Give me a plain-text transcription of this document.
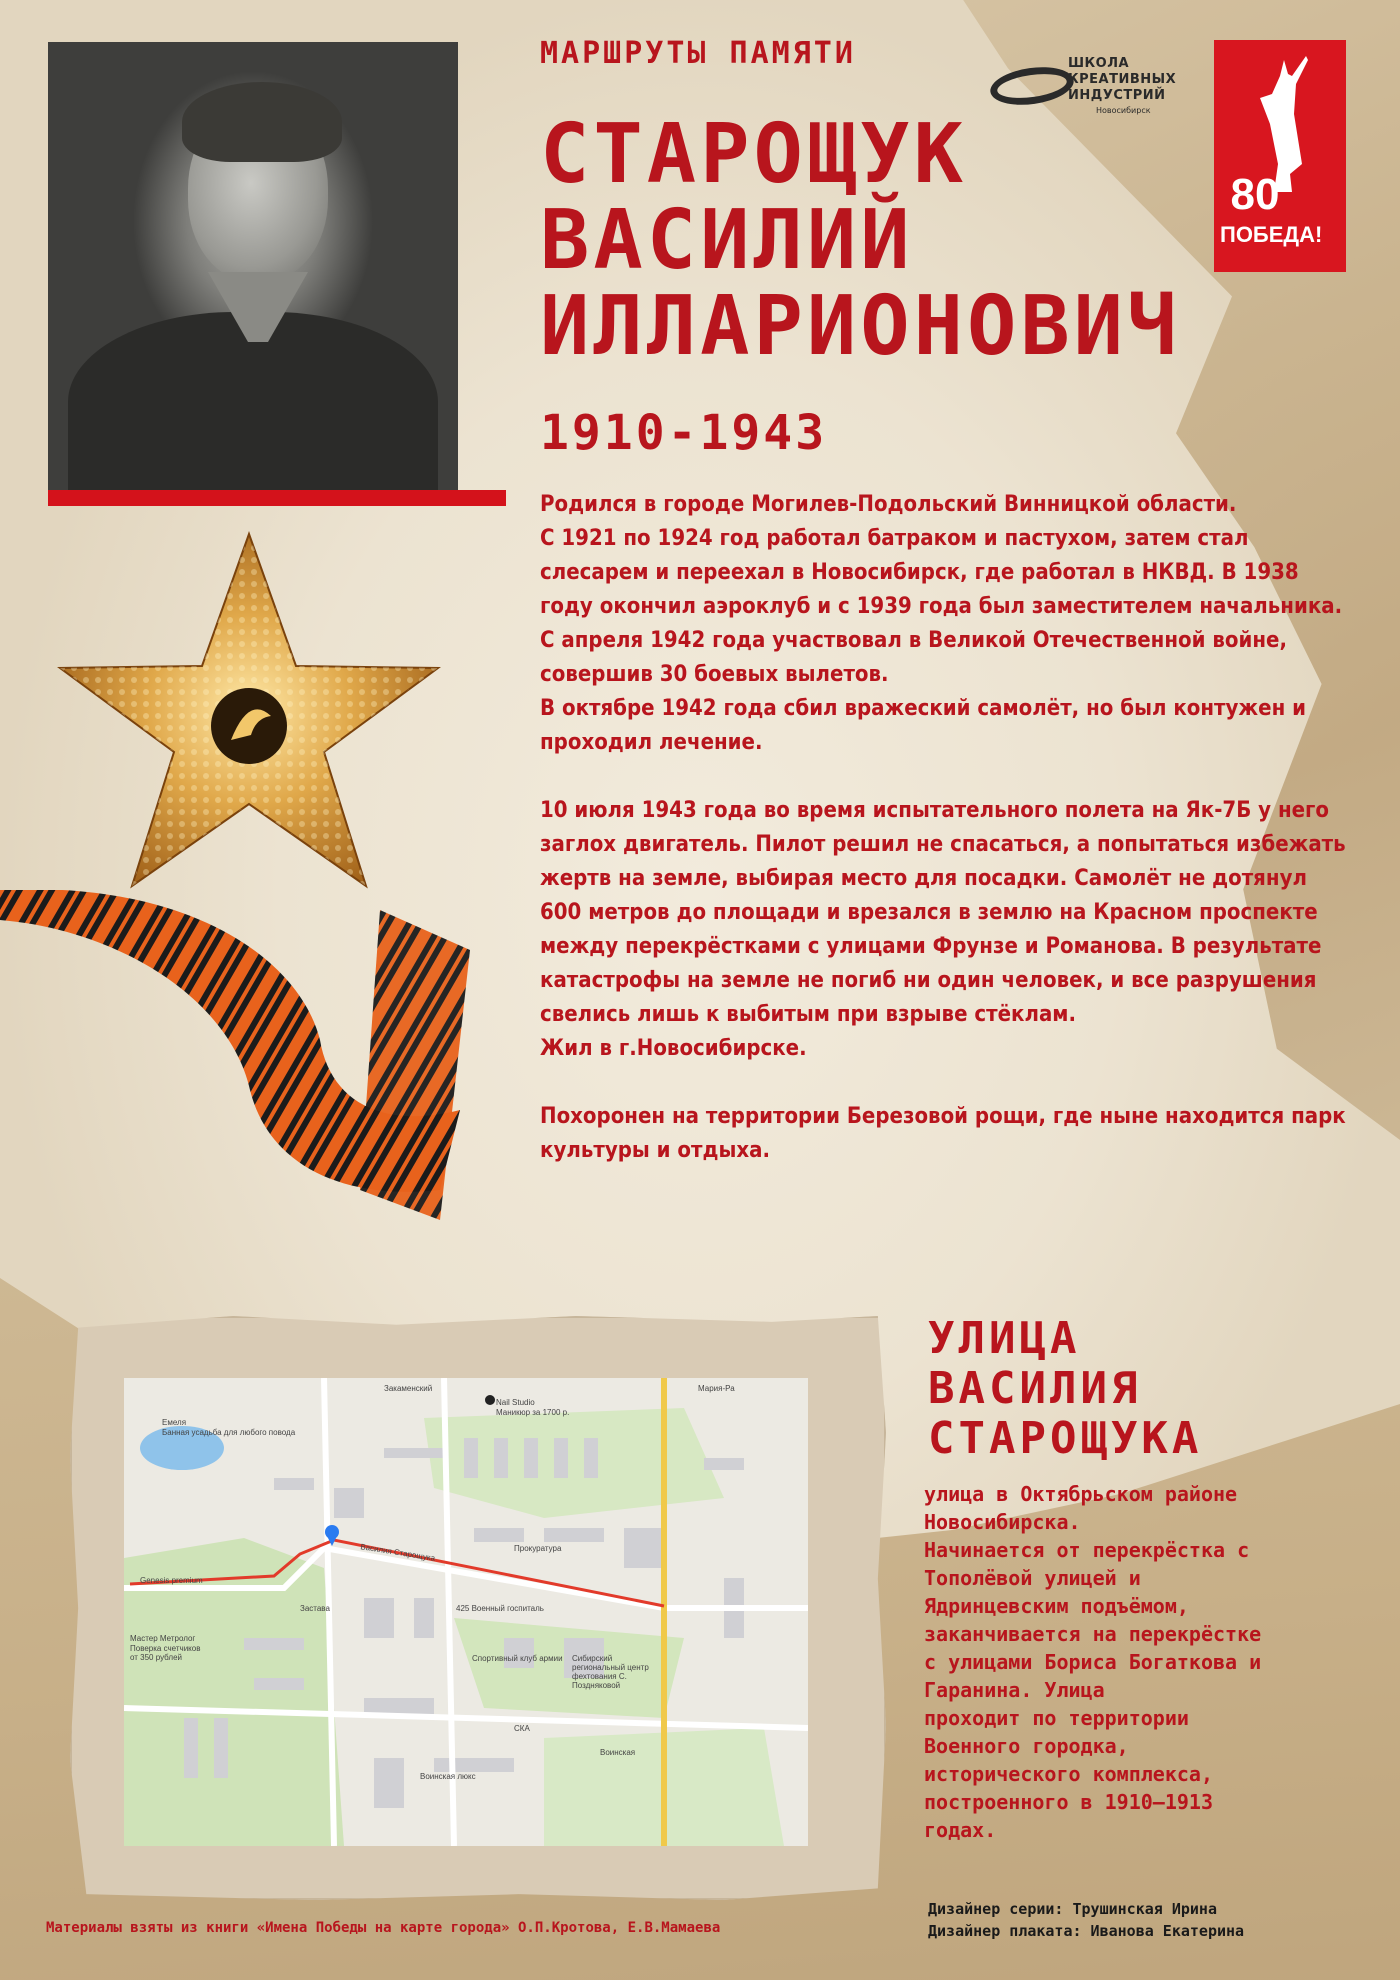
МАРШРУТЫ ПАМЯТИ	ШКОЛА
КРЕАТИВНЫХ
ИНДУСТРИЙ
Новосибирск
80
ПОБЕДА!
СТАРОЩУК
ВАСИЛИЙ
ИЛЛАРИОНОВИЧ
1910-1943

Родился в городе Могилев-Подольский Винницкой области.
С 1921 по 1924 год работал батраком и пастухом, затем стал слесарем и переехал в Новосибирск, где работал в НКВД. В 1938 году окончил аэроклуб и с 1939 года был заместителем начальника. С апреля 1942 года участвовал в Великой Отечественной войне, совершив 30 боевых вылетов.
В октябре 1942 года сбил вражеский самолёт, но был контужен и проходил лечение.

10 июля 1943 года во время испытательного полета на Як-7Б у него заглох двигатель. Пилот решил не спасаться, а попытаться избежать жертв на земле, выбирая место для посадки. Самолёт не дотянул 600 метров до площади и врезался в землю на Красном проспекте между перекрёстками с улицами Фрунзе и Романова. В результате катастрофы на земле не погиб ни один человек, и все разрушения свелись лишь к выбитым при взрыве стёклам.
Жил в г.Новосибирске.

Похоронен на территории Березовой рощи, где ныне находится парк культуры и отдыха.

Nail Studio
Маникюр за 1700 р.
Закаменский	Мария-Ра
Емеля
Банная усадьба для любого повода
Genesis premium
Прокуратура
Василия Старощука
Застава	425 Военный госпиталь
Спортивный клуб армии Сибирский региональный центр фехтования С. Поздняковой
Мастер Метролог
Поверка счетчиков от 350 рублей
СКА
Воинская
Воинская люкс
УЛИЦА
ВАСИЛИЯ
СТАРОЩУКА
улица в Октябрьском районе
Новосибирска.
Начинается от перекрёстка с
Тополёвой улицей и
Ядринцевским подъёмом,
заканчивается на перекрёстке
с улицами Бориса Богаткова и
Гаранина. Улица
проходит по территории
Военного городка,
исторического комплекса,
построенного в 1910—1913
годах.
Материалы взяты из книги «Имена Победы на карте города» О.П.Кротова, Е.В.Мамаева
Дизайнер серии: Трушинская Ирина
Дизайнер плаката: Иванова Екатерина
